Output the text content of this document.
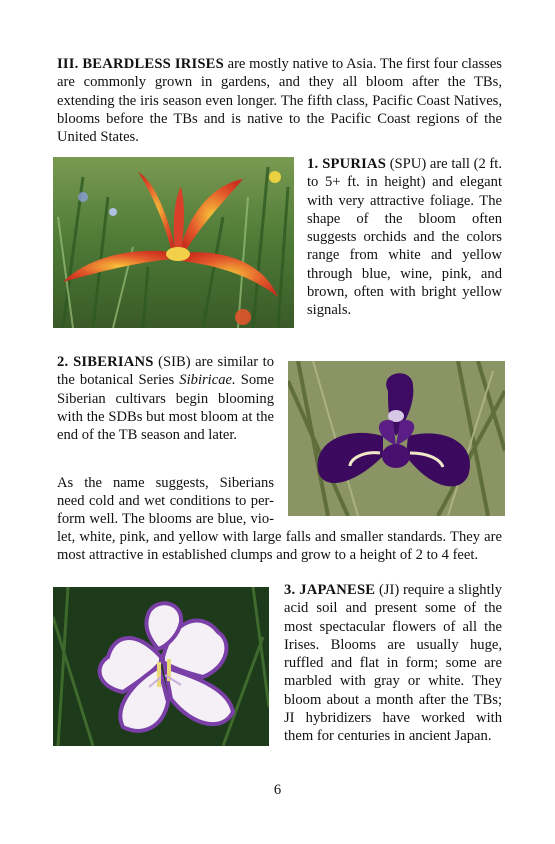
III. BEARDLESS IRISES are mostly native to Asia. The first four classes are commonly grown in gardens, and they all bloom after the TBs, extending the iris season even longer. The fifth class, Pacific Coast Natives, blooms before the TBs and is native to the Pacific Coast regions of the United States.

1. SPURIAS (SPU) are tall (2 ft. to 5+ ft. in height) and elegant with very attractive foliage. The shape of the bloom often suggests orchids and the colors range from white and yellow through blue, wine, pink, and brown, often with bright yellow signals.

2. SIBERIANS (SIB) are similar to the botanical Series Sibiricae. Some Siberian cultivars begin blooming with the SDBs but most bloom at the end of the TB season and later.

As the name suggests, Siberians

need cold and wet conditions to per-

form well. The blooms are blue, vio-

let, white, pink, and yellow with large falls and smaller standards. They are most attractive in established clumps and grow to a height of 2 to 4 feet.

3. JAPANESE (JI) require a slightly acid soil and present some of the most spectacular flowers of all the Irises. Blooms are usually huge, ruffled and flat in form; some are marbled with gray or white. They bloom about a month after the TBs; JI hybridizers have worked with them for centuries in ancient Japan.

6
